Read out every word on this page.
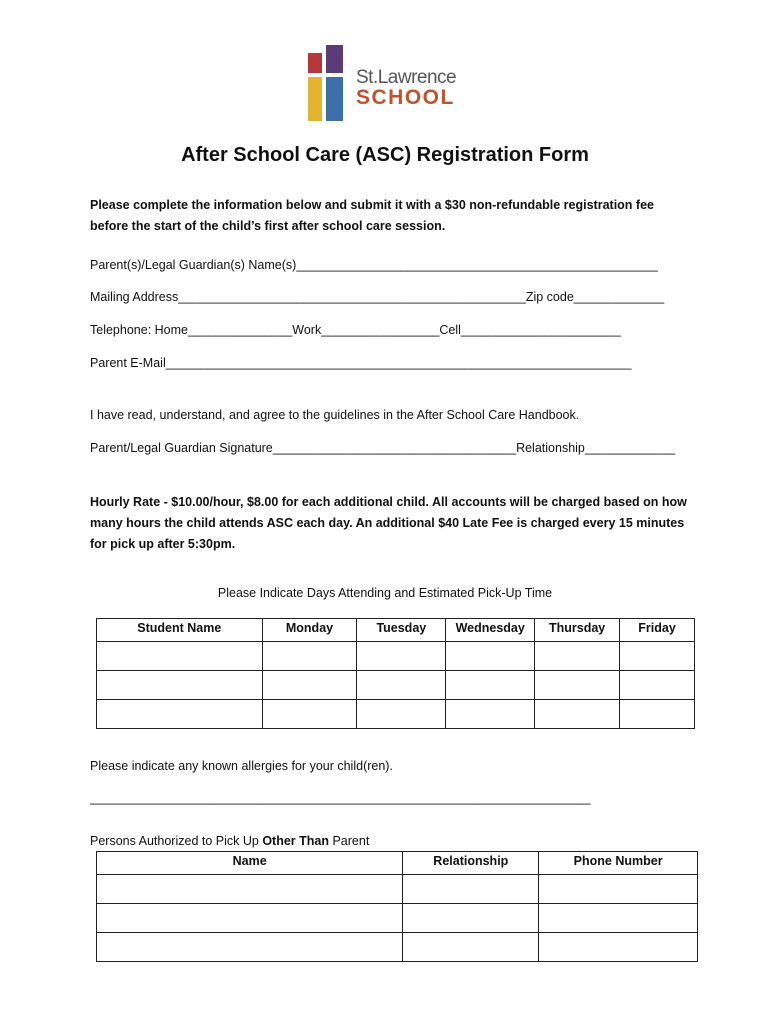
St.Lawrence
SCHOOL
After School Care (ASC) Registration Form
Please complete the information below and submit it with a $30 non-refundable registration fee before the start of the child’s first after school care session.
Parent(s)/Legal Guardian(s) Name(s)____________________________________________________
Mailing Address__________________________________________________Zip code_____________
Telephone: Home_______________Work_________________Cell_______________________
Parent E-Mail___________________________________________________________________
I have read, understand, and agree to the guidelines in the After School Care Handbook.
Parent/Legal Guardian Signature___________________________________Relationship_____________
Hourly Rate - $10.00/hour, $8.00 for each additional child. All accounts will be charged based on how many hours the child attends ASC each day. An additional $40 Late Fee is charged every 15 minutes for pick up after 5:30pm.
Please Indicate Days Attending and Estimated Pick-Up Time
Student Name	Monday	Tuesday	Wednesday	Thursday	Friday

Please indicate any known allergies for your child(ren).
________________________________________________________________________
Persons Authorized to Pick Up Other Than Parent
Name	Relationship	Phone Number
